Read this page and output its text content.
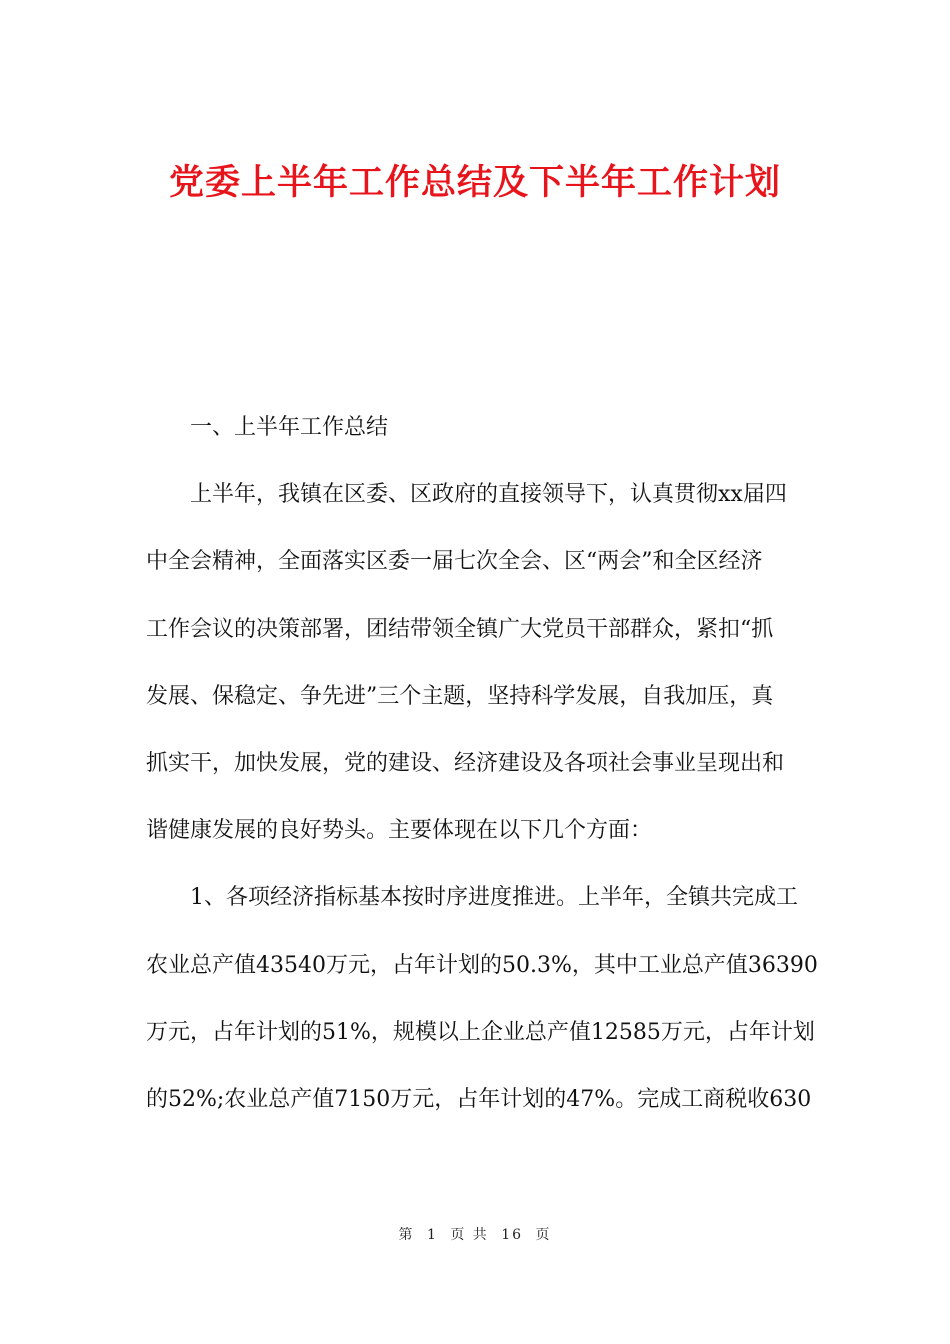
党委上半年工作总结及下半年工作计划
一、上半年工作总结

上半年，我镇在区委、区政府的直接领导下，认真贯彻xx届四
中全会精神，全面落实区委一届七次全会、区“两会”和全区经济
工作会议的决策部署，团结带领全镇广大党员干部群众，紧扣“抓
发展、保稳定、争先进”三个主题，坚持科学发展，自我加压，真
抓实干，加快发展，党的建设、经济建设及各项社会事业呈现出和
谐健康发展的良好势头。主要体现在以下几个方面：

1、各项经济指标基本按时序进度推进。上半年，全镇共完成工
农业总产值43540万元，占年计划的50.3%，其中工业总产值36390
万元，占年计划的51%，规模以上企业总产值12585万元，占年计划
的52%;农业总产值7150万元，占年计划的47%。完成工商税收630

第 1 页 共 16 页
